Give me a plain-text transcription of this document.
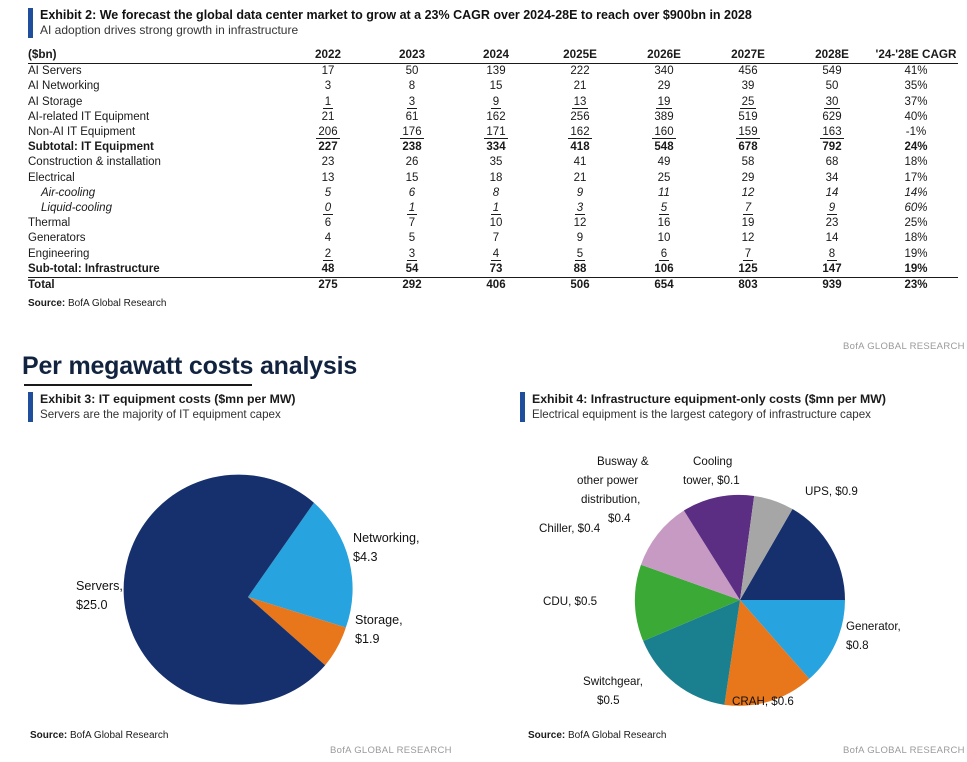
Exhibit 2: We forecast the global data center market to grow at a 23% CAGR over 2024-28E to reach over $900bn in 2028
AI adoption drives strong growth in infrastructure
($bn)	2022	2023	2024	2025E	2026E	2027E	2028E	'24-'28E CAGR
AI Servers	17	50	139	222	340	456	549	41%
AI Networking	3	8	15	21	29	39	50	35%
AI Storage	1	3	9	13	19	25	30	37%
AI-related IT Equipment	21	61	162	256	389	519	629	40%
Non-AI IT Equipment	206	176	171	162	160	159	163	-1%
Subtotal: IT Equipment	227	238	334	418	548	678	792	24%
Construction & installation	23	26	35	41	49	58	68	18%
Electrical	13	15	18	21	25	29	34	17%
Air-cooling	5	6	8	9	11	12	14	14%
Liquid-cooling	0	1	1	3	5	7	9	60%
Thermal	6	7	10	12	16	19	23	25%
Generators	4	5	7	9	10	12	14	18%
Engineering	2	3	4	5	6	7	8	19%
Sub-total: Infrastructure	48	54	73	88	106	125	147	19%
Total	275	292	406	506	654	803	939	23%
Source: BofA Global Research
BofA GLOBAL RESEARCH
Per megawatt costs analysis
Exhibit 3: IT equipment costs ($mn per MW)
Servers are the majority of IT equipment capex
Networking,
$4.3
Storage,
$1.9
Servers,
$25.0
Source: BofA Global Research
BofA GLOBAL RESEARCH
Exhibit 4: Infrastructure equipment-only costs ($mn per MW)
Electrical equipment is the largest category of infrastructure capex
UPS, $0.9
Generator,
$0.8
CRAH, $0.6
Switchgear,
$0.5
CDU, $0.5
Chiller, $0.4
Busway &
other power
distribution,
$0.4
Cooling
tower, $0.1
Source: BofA Global Research
BofA GLOBAL RESEARCH
